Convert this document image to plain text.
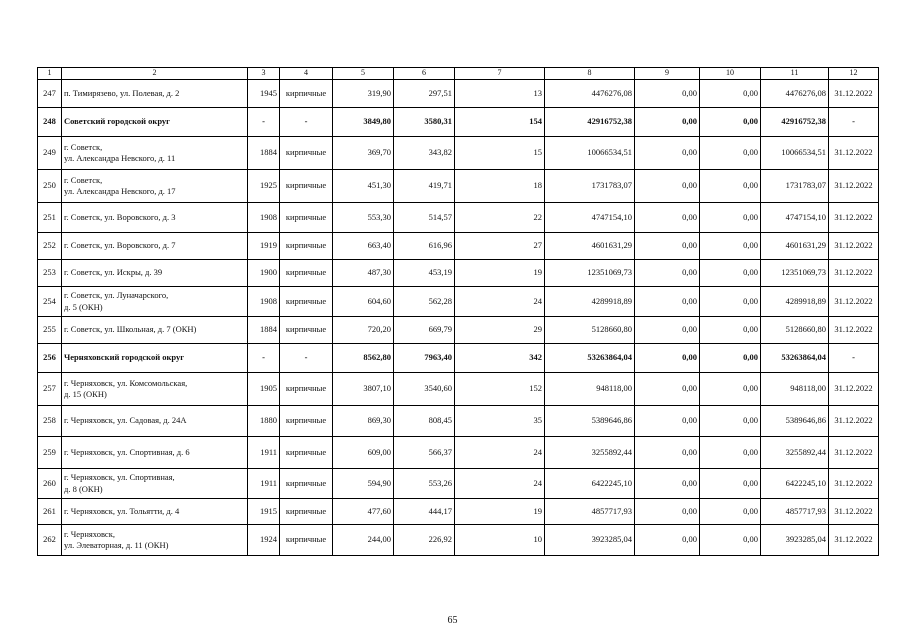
1	2	3	4	5	6	7	8	9	10	11	12
247	п. Тимирязево, ул. Полевая, д. 2	1945	кирпичные	319,90	297,51	13	4476276,08	0,00	0,00	4476276,08	31.12.2022
248	Советский городской округ	-	-	3849,80	3580,31	154	42916752,38	0,00	0,00	42916752,38	-
249	г. Советск,
ул. Александра Невского, д. 11	1884	кирпичные	369,70	343,82	15	10066534,51	0,00	0,00	10066534,51	31.12.2022
250	г. Советск,
ул. Александра Невского, д. 17	1925	кирпичные	451,30	419,71	18	1731783,07	0,00	0,00	1731783,07	31.12.2022
251	г. Советск, ул. Воровского, д. 3	1908	кирпичные	553,30	514,57	22	4747154,10	0,00	0,00	4747154,10	31.12.2022
252	г. Советск, ул. Воровского, д. 7	1919	кирпичные	663,40	616,96	27	4601631,29	0,00	0,00	4601631,29	31.12.2022
253	г. Советск, ул. Искры, д. 39	1900	кирпичные	487,30	453,19	19	12351069,73	0,00	0,00	12351069,73	31.12.2022
254	г. Советск, ул. Луначарского,
д. 5 (ОКН)	1908	кирпичные	604,60	562,28	24	4289918,89	0,00	0,00	4289918,89	31.12.2022
255	г. Советск, ул. Школьная, д. 7 (ОКН)	1884	кирпичные	720,20	669,79	29	5128660,80	0,00	0,00	5128660,80	31.12.2022
256	Черняховский городской округ	-	-	8562,80	7963,40	342	53263864,04	0,00	0,00	53263864,04	-
257	г. Черняховск, ул. Комсомольская,
д. 15 (ОКН)	1905	кирпичные	3807,10	3540,60	152	948118,00	0,00	0,00	948118,00	31.12.2022
258	г. Черняховск, ул. Садовая, д. 24А	1880	кирпичные	869,30	808,45	35	5389646,86	0,00	0,00	5389646,86	31.12.2022
259	г. Черняховск, ул. Спортивная, д. 6	1911	кирпичные	609,00	566,37	24	3255892,44	0,00	0,00	3255892,44	31.12.2022
260	г. Черняховск, ул. Спортивная,
д. 8 (ОКН)	1911	кирпичные	594,90	553,26	24	6422245,10	0,00	0,00	6422245,10	31.12.2022
261	г. Черняховск, ул. Тольятти, д. 4	1915	кирпичные	477,60	444,17	19	4857717,93	0,00	0,00	4857717,93	31.12.2022
262	г. Черняховск,
ул. Элеваторная, д. 11 (ОКН)	1924	кирпичные	244,00	226,92	10	3923285,04	0,00	0,00	3923285,04	31.12.2022
65
